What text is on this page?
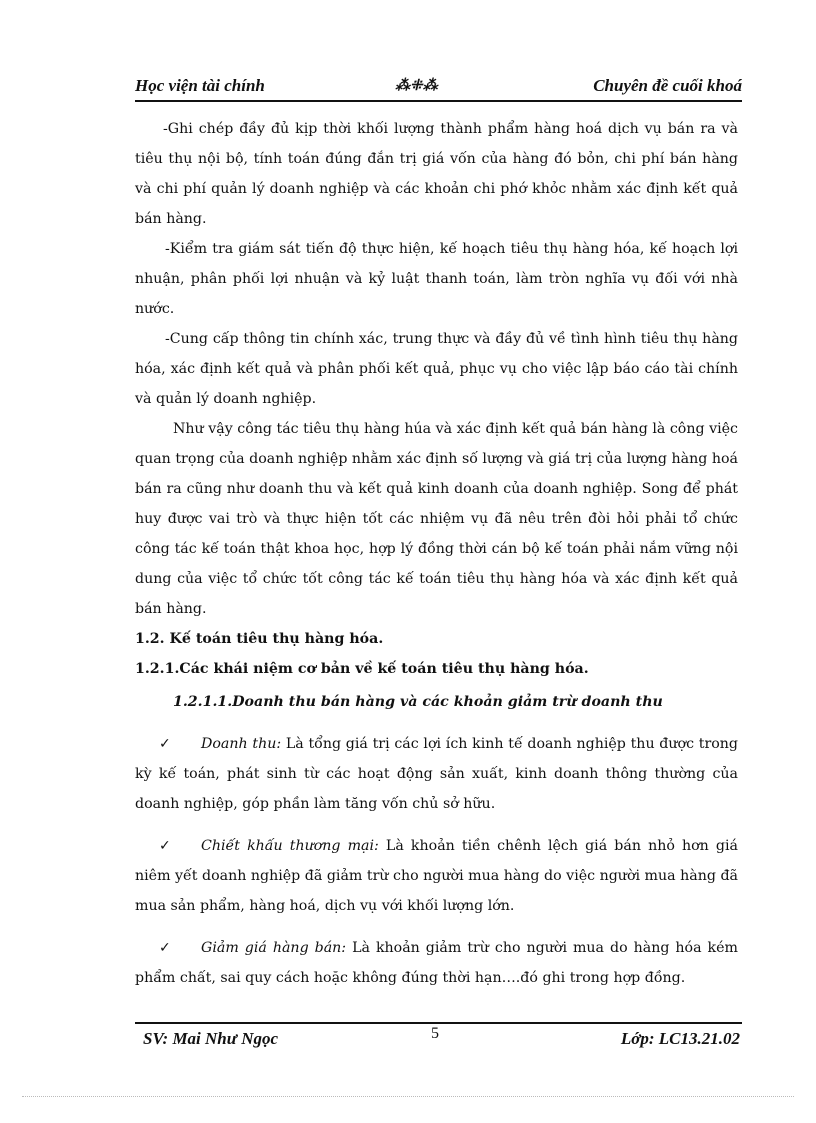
Học viện tài chính	⁂⁜⁂	Chuyên đề cuối khoá

-Ghi chép đầy đủ kịp thời khối lượng thành phẩm hàng hoá dịch vụ bán ra và tiêu thụ nội bộ, tính toán đúng đắn trị giá vốn của hàng đó bỏn, chi phí bán hàng và chi phí quản lý doanh nghiệp và các khoản chi phớ khỏc nhằm xác định kết quả bán hàng.

-Kiểm tra giám sát tiến độ thực hiện, kế hoạch tiêu thụ hàng hóa, kế hoạch lợi nhuận, phân phối lợi nhuận và kỷ luật thanh toán, làm tròn nghĩa vụ đối với nhà nước.

-Cung cấp thông tin chính xác, trung thực và đầy đủ về tình hình tiêu thụ hàng hóa, xác định kết quả và phân phối kết quả, phục vụ cho việc lập báo cáo tài chính và quản lý doanh nghiệp.

Như vậy công tác tiêu thụ hàng húa và xác định kết quả bán hàng là công việc quan trọng của doanh nghiệp nhằm xác định số lượng và giá trị của lượng hàng hoá bán ra cũng như doanh thu và kết quả kinh doanh của doanh nghiệp. Song để phát huy được vai trò và thực hiện tốt các nhiệm vụ đã nêu trên đòi hỏi phải tổ chức công tác kế toán thật khoa học, hợp lý đồng thời cán bộ kế toán phải nắm vững nội dung của việc tổ chức tốt công tác kế toán tiêu thụ hàng hóa và xác định kết quả bán hàng.

1.2. Kế toán tiêu thụ hàng hóa.

1.2.1.Các khái niệm cơ bản về kế toán tiêu thụ hàng hóa.

1.2.1.1.Doanh thu bán hàng và các khoản giảm trừ doanh thu

✓ Doanh thu: Là tổng giá trị các lợi ích kinh tế doanh nghiệp thu được trong kỳ kế toán, phát sinh từ các hoạt động sản xuất, kinh doanh thông thường của doanh nghiệp, góp phần làm tăng vốn chủ sở hữu.

✓ Chiết khấu thương mại: Là khoản tiền chênh lệch giá bán nhỏ hơn giá niêm yết doanh nghiệp đã giảm trừ cho người mua hàng do việc người mua hàng đã mua sản phẩm, hàng hoá, dịch vụ với khối lượng lớn.

✓ Giảm giá hàng bán: Là khoản giảm trừ cho người mua do hàng hóa kém phẩm chất, sai quy cách hoặc không đúng thời hạn….đó ghi trong hợp đồng.

SV: Mai Như Ngọc	5	Lớp: LC13.21.02
